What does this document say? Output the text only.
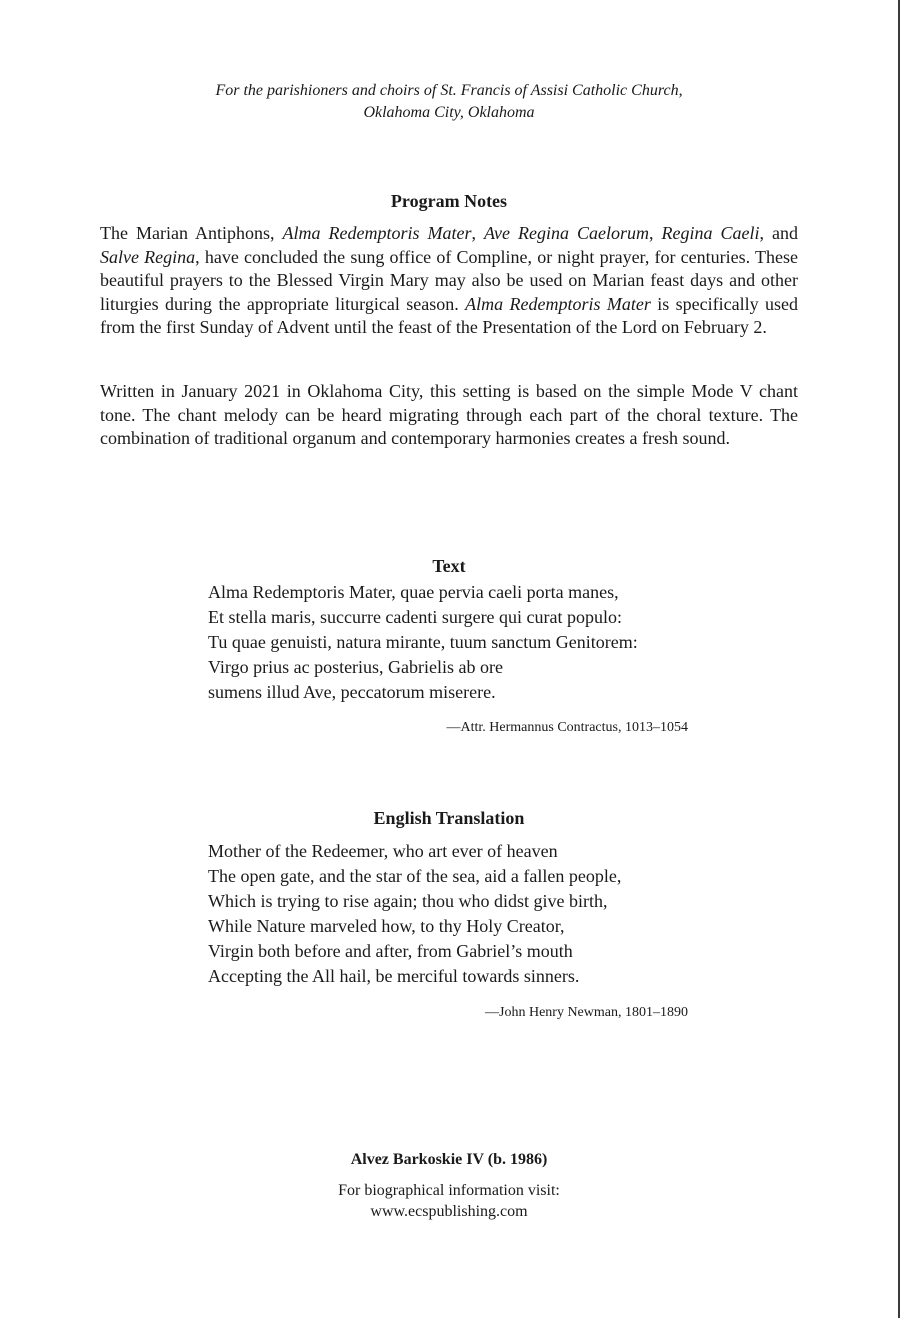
For the parishioners and choirs of St. Francis of Assisi Catholic Church,
Oklahoma City, Oklahoma
Program Notes

The Marian Antiphons, Alma Redemptoris Mater, Ave Regina Caelorum, Regina Caeli, and Salve Regina, have concluded the sung office of Compline, or night prayer, for centuries. These beautiful prayers to the Blessed Virgin Mary may also be used on Marian feast days and other liturgies during the appropriate liturgical season. Alma Redemptoris Mater is specifically used from the first Sunday of Advent until the feast of the Presentation of the Lord on February 2.

Written in January 2021 in Oklahoma City, this setting is based on the simple Mode V chant tone. The chant melody can be heard migrating through each part of the choral texture. The combination of traditional organum and contemporary harmonies creates a fresh sound.

Text
Alma Redemptoris Mater, quae pervia caeli porta manes,
Et stella maris, succurre cadenti surgere qui curat populo:
Tu quae genuisti, natura mirante, tuum sanctum Genitorem:
Virgo prius ac posterius, Gabrielis ab ore
sumens illud Ave, peccatorum miserere.
—Attr. Hermannus Contractus, 1013–1054
English Translation
Mother of the Redeemer, who art ever of heaven
The open gate, and the star of the sea, aid a fallen people,
Which is trying to rise again; thou who didst give birth,
While Nature marveled how, to thy Holy Creator,
Virgin both before and after, from Gabriel’s mouth
Accepting the All hail, be merciful towards sinners.
—John Henry Newman, 1801–1890
Alvez Barkoskie IV (b. 1986)
For biographical information visit:
www.ecspublishing.com
